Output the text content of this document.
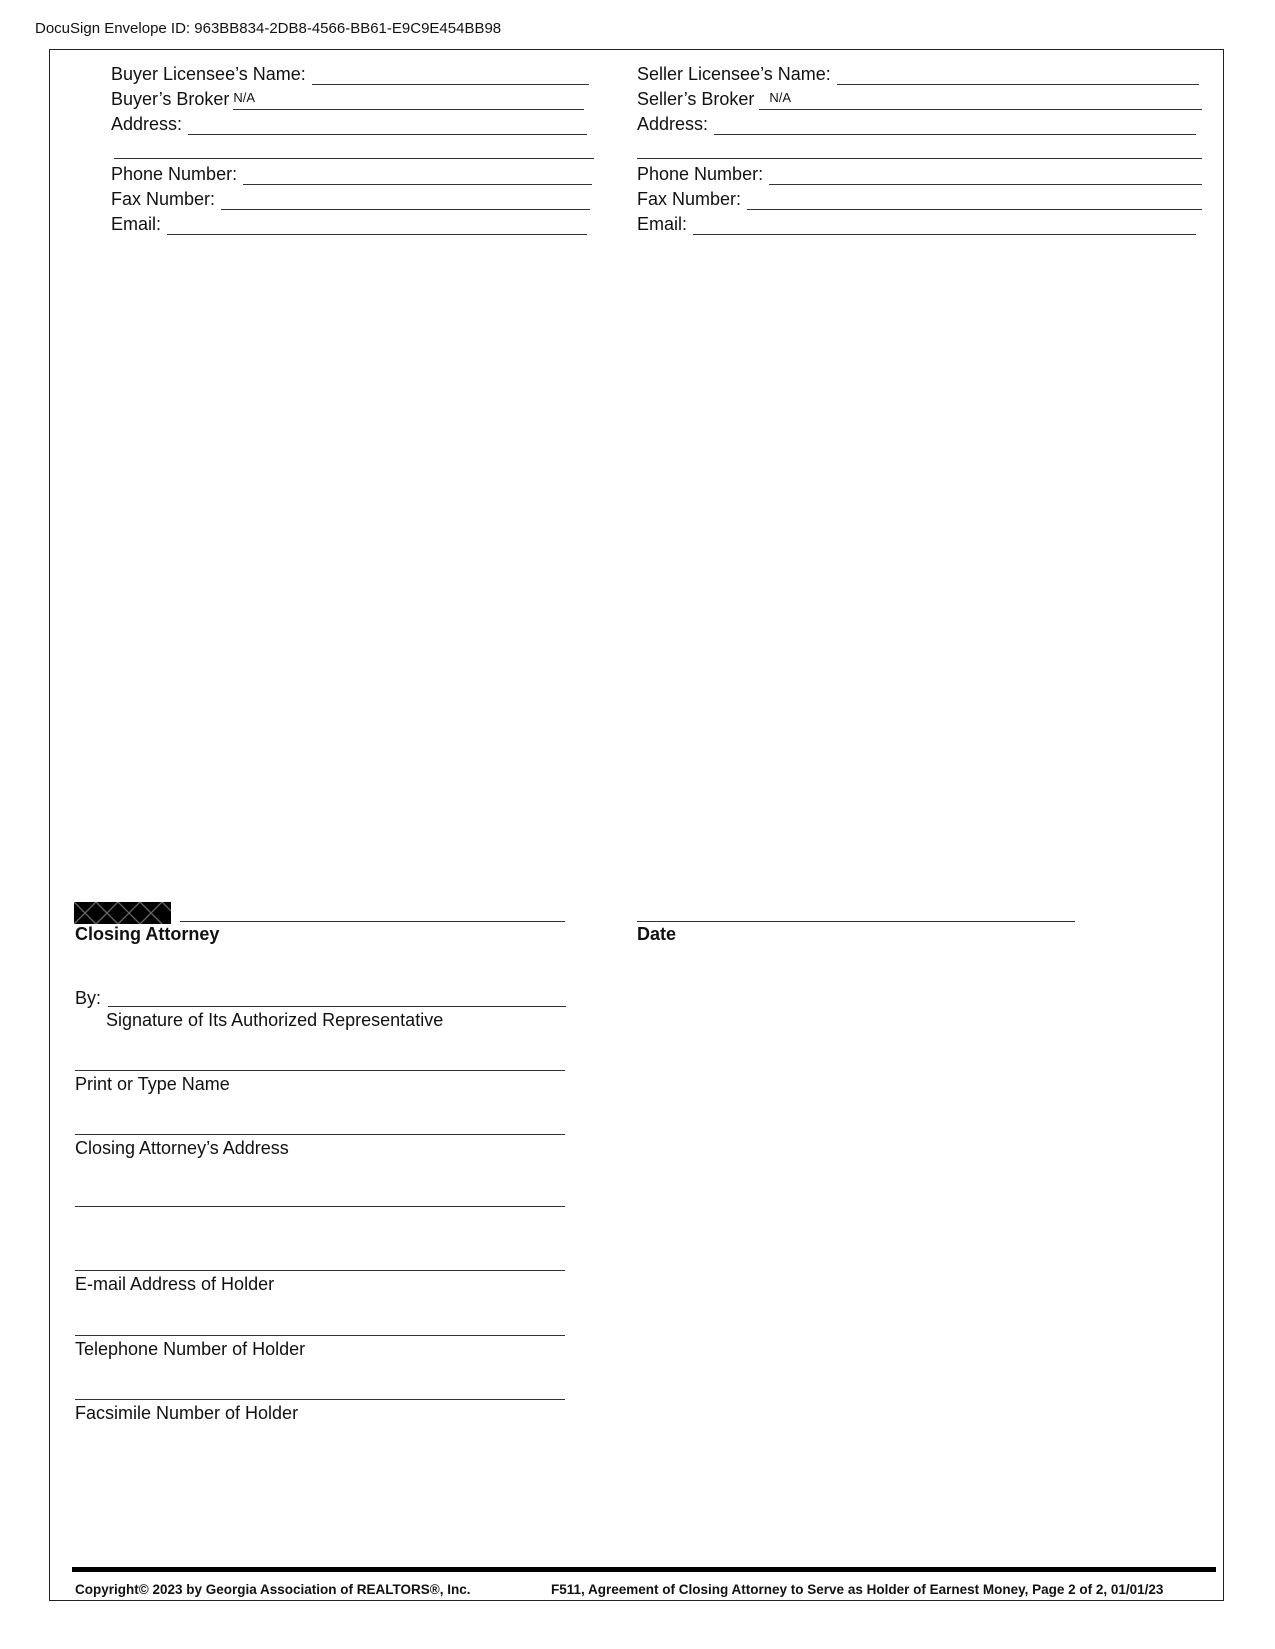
DocuSign Envelope ID: 963BB834-2DB8-4566-BB61-E9C9E454BB98
Buyer Licensee’s Name:
Buyer’s Broker N/A
Address:
Phone Number:
Fax Number:
Email:
Seller Licensee’s Name:
Seller’s Broker N/A
Address:
Phone Number:
Fax Number:
Email:
Closing Attorney	Date
By:
Signature of Its Authorized Representative
Print or Type Name
Closing Attorney’s Address
E-mail Address of Holder
Telephone Number of Holder
Facsimile Number of Holder
Copyright© 2023 by Georgia Association of REALTORS®, Inc.	F511, Agreement of Closing Attorney to Serve as Holder of Earnest Money, Page 2 of 2, 01/01/23
